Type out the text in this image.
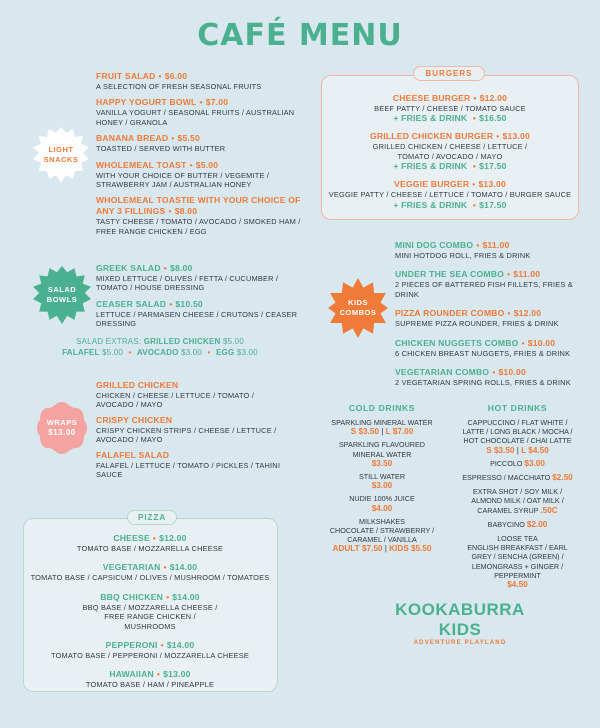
CAFÉ MENU
LIGHT SNACKS
FRUIT SALAD • $6.00
A SELECTION OF FRESH SEASONAL FRUITS
HAPPY YOGURT BOWL • $7.00
VANILLA YOGURT / SEASONAL FRUITS / AUSTRALIAN HONEY / GRANOLA
BANANA BREAD • $5.50
TOASTED / SERVED WITH BUTTER
WHOLEMEAL TOAST • $5.00
WITH YOUR CHOICE OF BUTTER / VEGEMITE / STRAWBERRY JAM / AUSTRALIAN HONEY
WHOLEMEAL TOASTIE WITH YOUR CHOICE OF ANY 3 FILLINGS • $8.00
TASTY CHEESE / TOMATO / AVOCADO / SMOKED HAM / FREE RANGE CHICKEN / EGG
SALAD BOWLS
GREEK SALAD • $8.00
MIXED LETTUCE / OLIVES / FETTA / CUCUMBER / TOMATO / HOUSE DRESSING
CEASER SALAD • $10.50
LETTUCE / PARMASEN CHEESE / CRUTONS / CEASER DRESSING
SALAD EXTRAS: GRILLED CHICKEN $5.00
FALAFEL $5.00 • AVOCADO $3.00 • EGG $3.00
WRAPS
$13.00
GRILLED CHICKEN
CHICKEN / CHEESE / LETTUCE / TOMATO / AVOCADO / MAYO
CRISPY CHICKEN
CRISPY CHICKEN STRIPS / CHEESE / LETTUCE / AVOCADO / MAYO
FALAFEL SALAD
FALAFEL / LETTUCE / TOMATO / PICKLES / TAHINI SAUCE
PIZZA
CHEESE • $12.00
TOMATO BASE / MOZZARELLA CHEESE
VEGETARIAN • $14.00
TOMATO BASE / CAPSICUM / OLIVES / MUSHROOM / TOMATOES
BBQ CHICKEN • $14.00
BBQ BASE / MOZZARELLA CHEESE / FREE RANGE CHICKEN / MUSHROOMS
PEPPERONI • $14.00
TOMATO BASE / PEPPERONI / MOZZARELLA CHEESE
HAWAIIAN • $13.00
TOMATO BASE / HAM / PINEAPPLE
BURGERS
CHEESE BURGER • $12.00
BEEF PATTY / CHEESE / TOMATO SAUCE
+ FRIES & DRINK • $16.50
GRILLED CHICKEN BURGER • $13.00
GRILLED CHICKEN / CHEESE / LETTUCE / TOMATO / AVOCADO / MAYO
+ FRIES & DRINK • $17.50
VEGGIE BURGER • $13.00
VEGGIE PATTY / CHEESE / LETTUCE / TOMATO / BURGER SAUCE
+ FRIES & DRINK • $17.50
KIDS COMBOS
MINI DOG COMBO • $11.00
MINI HOTDOG ROLL, FRIES & DRINK
UNDER THE SEA COMBO • $11.00
2 PIECES OF BATTERED FISH FILLETS, FRIES & DRINK
PIZZA ROUNDER COMBO • $12.00
SUPREME PIZZA ROUNDER, FRIES & DRINK
CHICKEN NUGGETS COMBO • $10.00
6 CHICKEN BREAST NUGGETS, FRIES & DRINK
VEGETARIAN COMBO • $10.00
2 VEGETARIAN SPRING ROLLS, FRIES & DRINK
COLD DRINKS
SPARKLING MINERAL WATER
S $3.50 | L $7.00
SPARKLING FLAVOURED MINERAL WATER
$3.50
STILL WATER
$3.00
NUDIE 100% JUICE
$4.00
MILKSHAKES
CHOCOLATE / STRAWBERRY / CARAMEL / VANILLA
ADULT $7.50 | KIDS $5.50
HOT DRINKS
CAPPUCCINO / FLAT WHITE / LATTE / LONG BLACK / MOCHA / HOT CHOCOLATE / CHAI LATTE
S $3.50 | L $4.50
PICCOLO $3.00
ESPRESSO / MACCHIATO $2.50
EXTRA SHOT / SOY MILK / ALMOND MILK / OAT MILK / CARAMEL SYRUP .50C
BABYCINO $2.00
LOOSE TEA
ENGLISH BREAKFAST / EARL GREY / SENCHA (GREEN) / LEMONGRASS + GINGER / PEPPERMINT
$4.50
KOOKABURRA KIDS
ADVENTURE PLAYLAND
